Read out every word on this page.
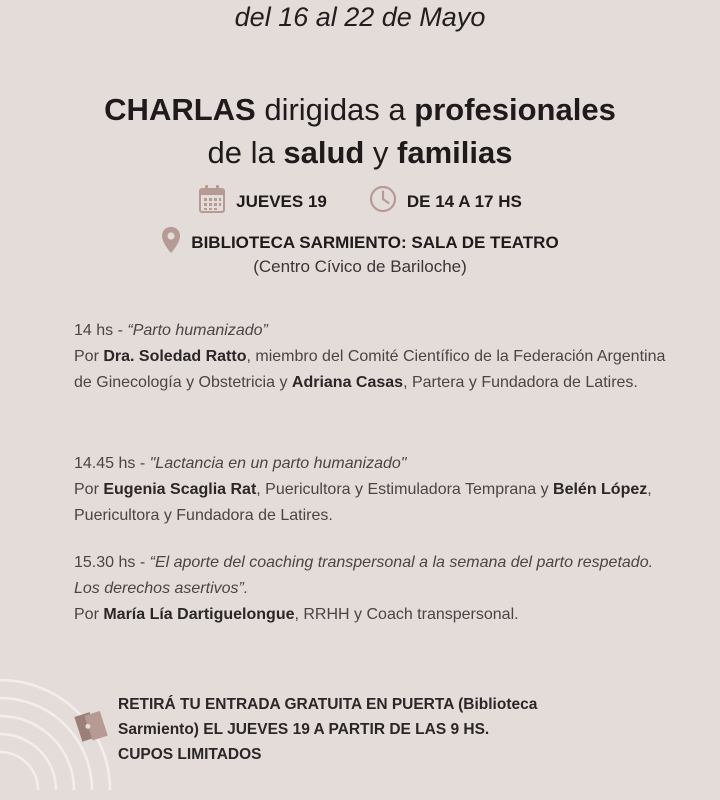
del 16 al 22 de Mayo
CHARLAS dirigidas a profesionales
de la salud y familias
JUEVES 19	DE 14 A 17 HS
BIBLIOTECA SARMIENTO: SALA DE TEATRO
(Centro Cívico de Bariloche)

14 hs - “Parto humanizado”

Por Dra. Soledad Ratto, miembro del Comité Científico de la Federación Argentina de Ginecología y Obstetricia y Adriana Casas, Partera y Fundadora de Latires.

14.45 hs - "Lactancia en un parto humanizado"

Por Eugenia Scaglia Rat, Puericultora y Estimuladora Temprana y Belén López, Puericultora y Fundadora de Latires.

15.30 hs - “El aporte del coaching transpersonal a la semana del parto respetado. Los derechos asertivos”.

Por María Lía Dartiguelongue, RRHH y Coach transpersonal.

RETIRÁ TU ENTRADA GRATUITA EN PUERTA (Biblioteca

Sarmiento) EL JUEVES 19 A PARTIR DE LAS 9 HS.

CUPOS LIMITADOS
